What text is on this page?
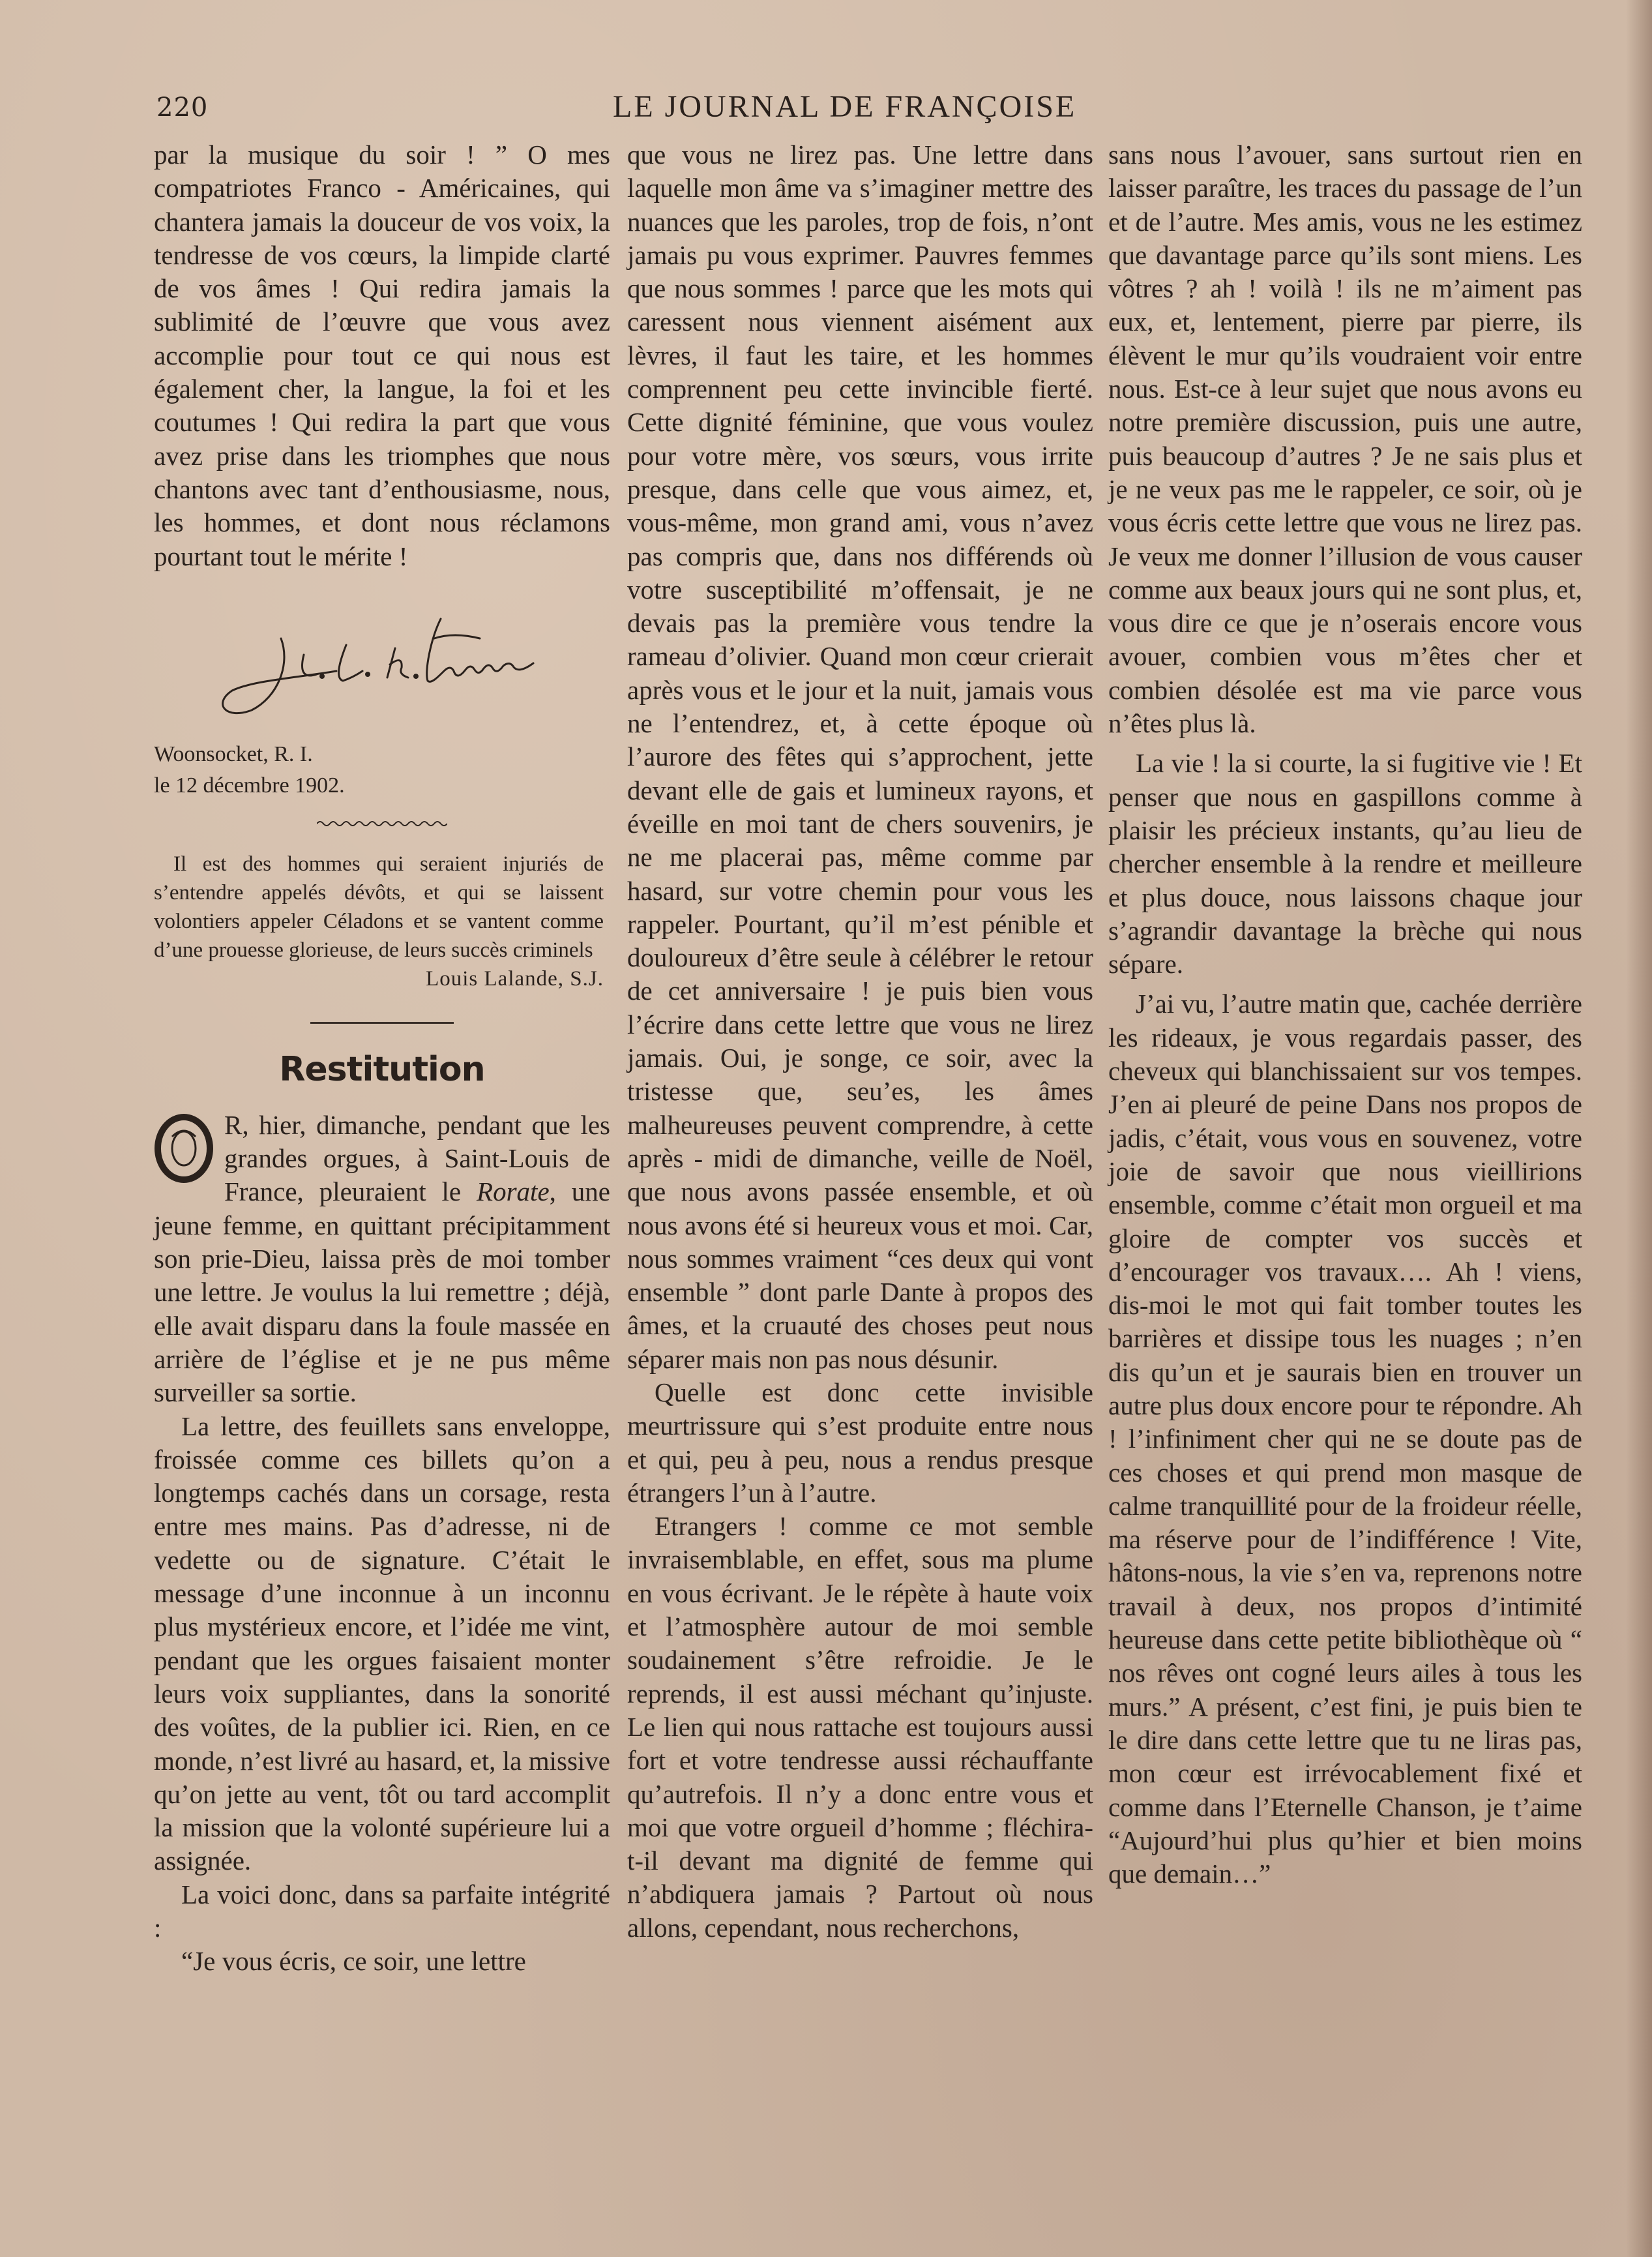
220	LE JOURNAL DE FRANÇOISE

par la musique du soir ! ” O mes compatriotes Franco - Américaines, qui chantera jamais la douceur de vos voix, la tendresse de vos cœurs, la limpide clarté de vos âmes ! Qui redira jamais la sublimité de l’œuvre que vous avez accomplie pour tout ce qui nous est également cher, la langue, la foi et les coutumes ! Qui redira la part que vous avez prise dans les triomphes que nous chantons avec tant d’enthousiasme, nous, les hommes, et dont nous réclamons pourtant tout le mérite !

Woonsocket, R. I.

le 12 décembre 1902.

Il est des hommes qui seraient injuriés de s’entendre appelés dévôts, et qui se laissent volontiers appeler Céladons et se vantent comme d’une prouesse glorieuse, de leurs succès criminels

Louis Lalande, S.J.

Restitution

O
R, hier, dimanche, pendant que les grandes orgues, à Saint-Louis de France, pleuraient le Rorate, une jeune femme, en quittant précipitamment son prie-Dieu, laissa près de moi tomber une lettre. Je voulus la lui remettre ; déjà, elle avait disparu dans la foule massée en arrière de l’église et je ne pus même surveiller sa sortie.

La lettre, des feuillets sans enveloppe, froissée comme ces billets qu’on a longtemps cachés dans un corsage, resta entre mes mains. Pas d’adresse, ni de vedette ou de signature. C’était le message d’une inconnue à un inconnu plus mystérieux encore, et l’idée me vint, pendant que les orgues faisaient monter leurs voix suppliantes, dans la sonorité des voûtes, de la publier ici. Rien, en ce monde, n’est livré au hasard, et, la missive qu’on jette au vent, tôt ou tard accomplit la mission que la volonté supérieure lui a assignée.

La voici donc, dans sa parfaite intégrité :

“Je vous écris, ce soir, une lettre

que vous ne lirez pas. Une lettre dans laquelle mon âme va s’imaginer mettre des nuances que les paroles, trop de fois, n’ont jamais pu vous exprimer. Pauvres femmes que nous sommes ! parce que les mots qui caressent nous viennent aisément aux lèvres, il faut les taire, et les hommes comprennent peu cette invincible fierté. Cette dignité féminine, que vous voulez pour votre mère, vos sœurs, vous irrite presque, dans celle que vous aimez, et, vous-même, mon grand ami, vous n’avez pas compris que, dans nos différends où votre susceptibilité m’offensait, je ne devais pas la première vous tendre la rameau d’olivier. Quand mon cœur crierait après vous et le jour et la nuit, jamais vous ne l’entendrez, et, à cette époque où l’aurore des fêtes qui s’approchent, jette devant elle de gais et lumineux rayons, et éveille en moi tant de chers souvenirs, je ne me placerai pas, même comme par hasard, sur votre chemin pour vous les rappeler. Pourtant, qu’il m’est pénible et douloureux d’être seule à célébrer le retour de cet anniversaire ! je puis bien vous l’écrire dans cette lettre que vous ne lirez jamais. Oui, je songe, ce soir, avec la tristesse que, seu’es, les âmes malheureuses peuvent comprendre, à cette après - midi de dimanche, veille de Noël, que nous avons passée ensemble, et où nous avons été si heureux vous et moi. Car, nous sommes vraiment “ces deux qui vont ensemble ” dont parle Dante à propos des âmes, et la cruauté des choses peut nous séparer mais non pas nous désunir.

Quelle est donc cette invisible meurtrissure qui s’est produite entre nous et qui, peu à peu, nous a rendus presque étrangers l’un à l’autre.

Etrangers ! comme ce mot semble invraisemblable, en effet, sous ma plume en vous écrivant. Je le répète à haute voix et l’atmosphère autour de moi semble soudainement s’être refroidie. Je le reprends, il est aussi méchant qu’injuste. Le lien qui nous rattache est toujours aussi fort et votre tendresse aussi réchauffante qu’autrefois. Il n’y a donc entre vous et moi que votre orgueil d’homme ; fléchira-t-il devant ma dignité de femme qui n’abdiquera jamais ? Partout où nous allons, cependant, nous recherchons,

sans nous l’avouer, sans surtout rien en laisser paraître, les traces du passage de l’un et de l’autre. Mes amis, vous ne les estimez que davantage parce qu’ils sont miens. Les vôtres ? ah ! voilà ! ils ne m’aiment pas eux, et, lentement, pierre par pierre, ils élèvent le mur qu’ils voudraient voir entre nous. Est-ce à leur sujet que nous avons eu notre première discussion, puis une autre, puis beaucoup d’autres ? Je ne sais plus et je ne veux pas me le rappeler, ce soir, où je vous écris cette lettre que vous ne lirez pas. Je veux me donner l’illusion de vous causer comme aux beaux jours qui ne sont plus, et, vous dire ce que je n’oserais encore vous avouer, combien vous m’êtes cher et combien désolée est ma vie parce vous n’êtes plus là.

La vie ! la si courte, la si fugitive vie ! Et penser que nous en gaspillons comme à plaisir les précieux instants, qu’au lieu de chercher ensemble à la rendre et meilleure et plus douce, nous laissons chaque jour s’agrandir davantage la brèche qui nous sépare.

J’ai vu, l’autre matin que, cachée derrière les rideaux, je vous regardais passer, des cheveux qui blanchissaient sur vos tempes. J’en ai pleuré de peine Dans nos propos de jadis, c’était, vous vous en souvenez, votre joie de savoir que nous vieillirions ensemble, comme c’était mon orgueil et ma gloire de compter vos succès et d’encourager vos travaux…. Ah ! viens, dis-moi le mot qui fait tomber toutes les barrières et dissipe tous les nuages ; n’en dis qu’un et je saurais bien en trouver un autre plus doux encore pour te répondre. Ah ! l’infiniment cher qui ne se doute pas de ces choses et qui prend mon masque de calme tranquillité pour de la froideur réelle, ma réserve pour de l’indifférence ! Vite, hâtons-nous, la vie s’en va, reprenons notre travail à deux, nos propos d’intimité heureuse dans cette petite bibliothèque où “ nos rêves ont cogné leurs ailes à tous les murs.” A présent, c’est fini, je puis bien te le dire dans cette lettre que tu ne liras pas, mon cœur est irrévocablement fixé et comme dans l’Eternelle Chanson, je t’aime “Aujourd’hui plus qu’hier et bien moins que demain…”
